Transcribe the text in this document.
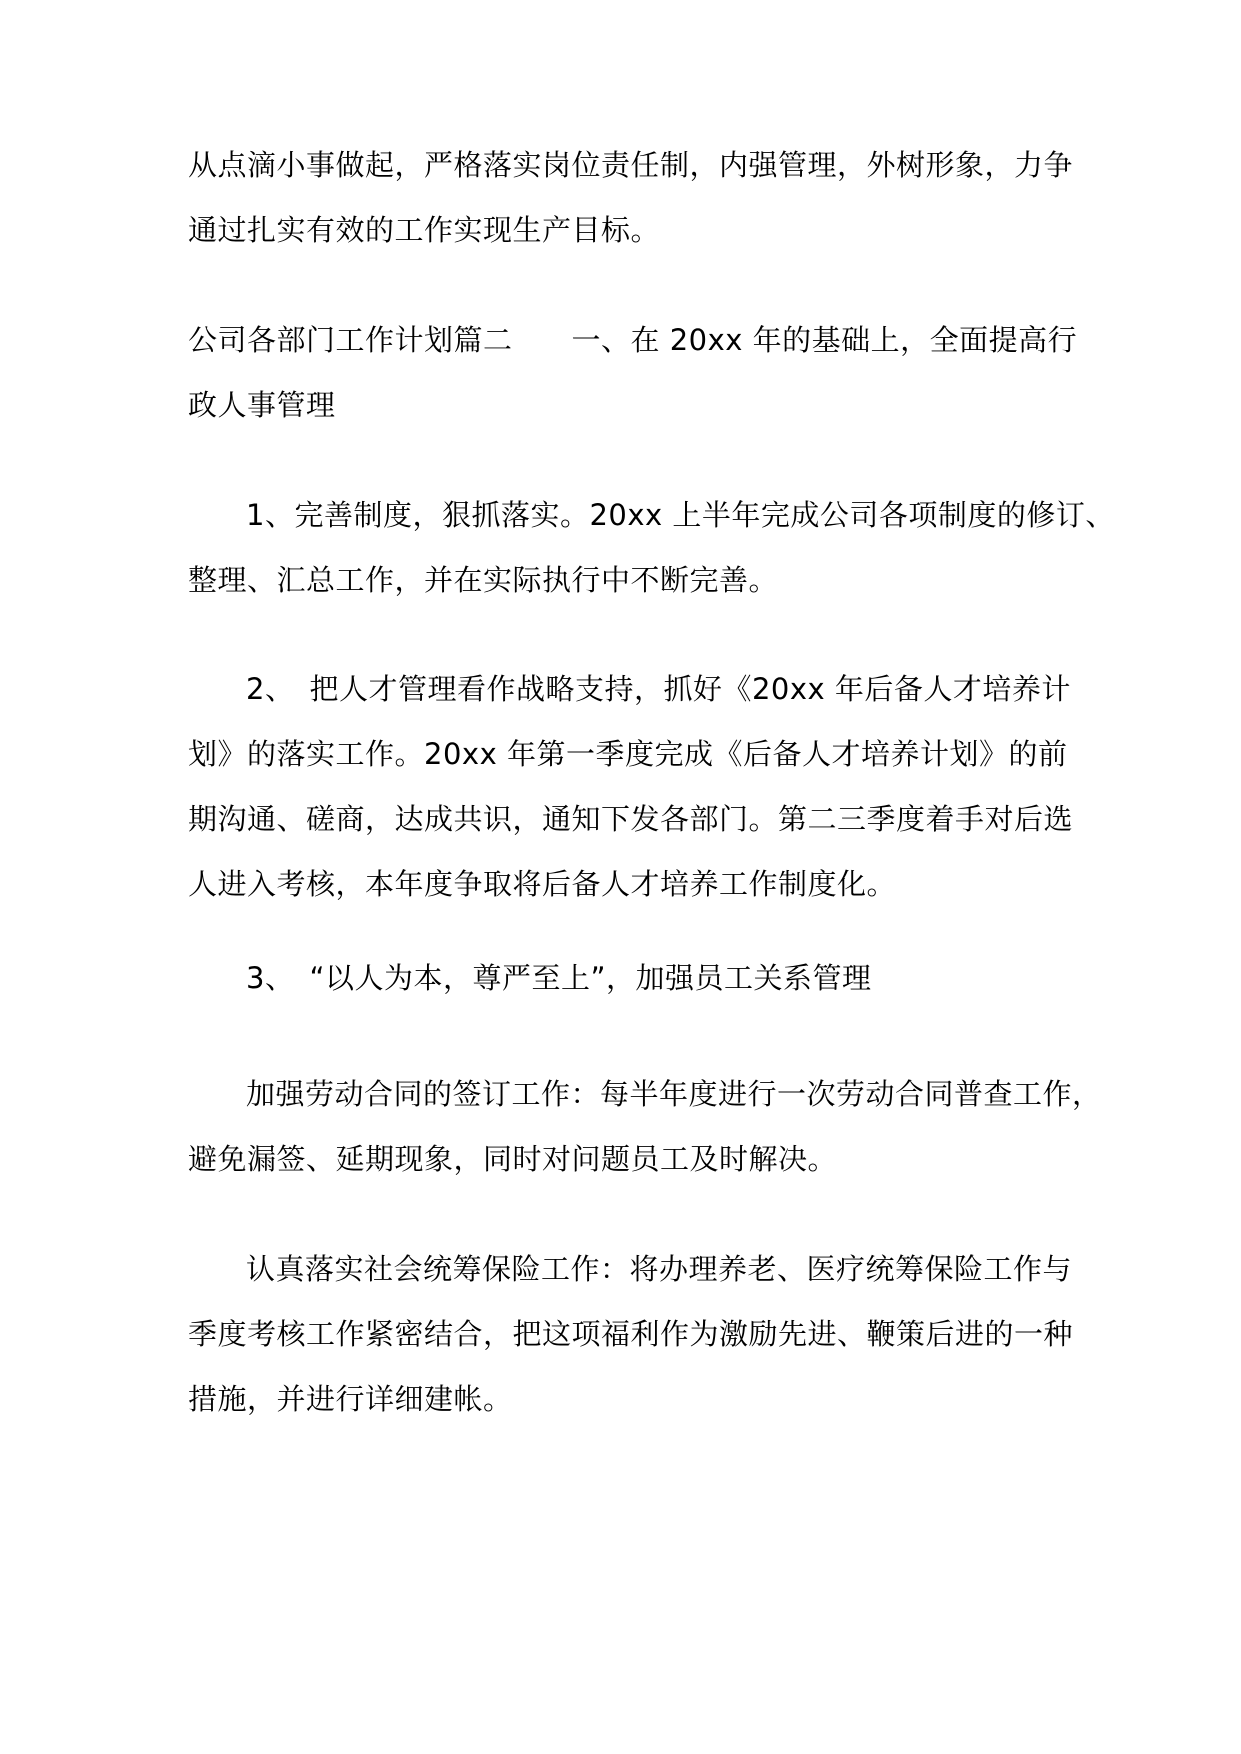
从点滴小事做起，严格落实岗位责任制，内强管理，外树形象，力争
通过扎实有效的工作实现生产目标。

公司各部门工作计划篇二　　一、在 20xx 年的基础上，全面提高行
政人事管理

1、完善制度，狠抓落实。20xx 上半年完成公司各项制度的修订、
整理、汇总工作，并在实际执行中不断完善。

2、　把人才管理看作战略支持，抓好《20xx 年后备人才培养计
划》的落实工作。20xx 年第一季度完成《后备人才培养计划》的前
期沟通、磋商，达成共识，通知下发各部门。第二三季度着手对后选
人进入考核，本年度争取将后备人才培养工作制度化。

3、　“以人为本，尊严至上”，加强员工关系管理

加强劳动合同的签订工作：每半年度进行一次劳动合同普查工作，
避免漏签、延期现象，同时对问题员工及时解决。

认真落实社会统筹保险工作：将办理养老、医疗统筹保险工作与
季度考核工作紧密结合，把这项福利作为激励先进、鞭策后进的一种
措施，并进行详细建帐。
